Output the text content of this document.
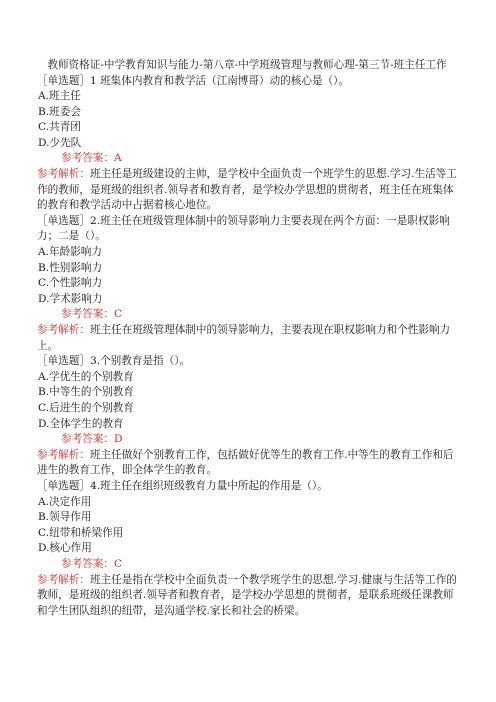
教师资格证-中学教育知识与能力-第八章-中学班级管理与教师心理-第三节-班主任工作
［单选题］1 班集体内教育和教学活（江南博哥）动的核心是（）。
A.班主任
B.班委会
C.共青团
D.少先队
参考答案：A
参考解析：班主任是班级建设的主帅，是学校中全面负责一个班学生的思想.学习.生活等工作的教师，是班级的组织者.领导者和教育者，是学校办学思想的贯彻者，班主任在班集体的教育和教学活动中占据着核心地位。
［单选题］2.班主任在班级管理体制中的领导影响力主要表现在两个方面：一是职权影响力；二是（）。
A.年龄影响力
B.性别影响力
C.个性影响力
D.学术影响力
参考答案：C
参考解析：班主任在班级管理体制中的领导影响力，主要表现在职权影响力和个性影响力上。
［单选题］3.个别教育是指（）。
A.学优生的个别教育
B.中等生的个别教育
C.后进生的个别教育
D.全体学生的教育
参考答案：D
参考解析：班主任做好个别教育工作，包括做好优等生的教育工作.中等生的教育工作和后进生的教育工作，即全体学生的教育。
［单选题］4.班主任在组织班级教育力量中所起的作用是（）。
A.决定作用
B.领导作用
C.纽带和桥梁作用
D.核心作用
参考答案：C
参考解析：班主任是指在学校中全面负责一个教学班学生的思想.学习.健康与生活等工作的教师，是班级的组织者.领导者和教育者，是学校办学思想的贯彻者，是联系班级任课教师和学生团队组织的纽带，是沟通学校.家长和社会的桥梁。
